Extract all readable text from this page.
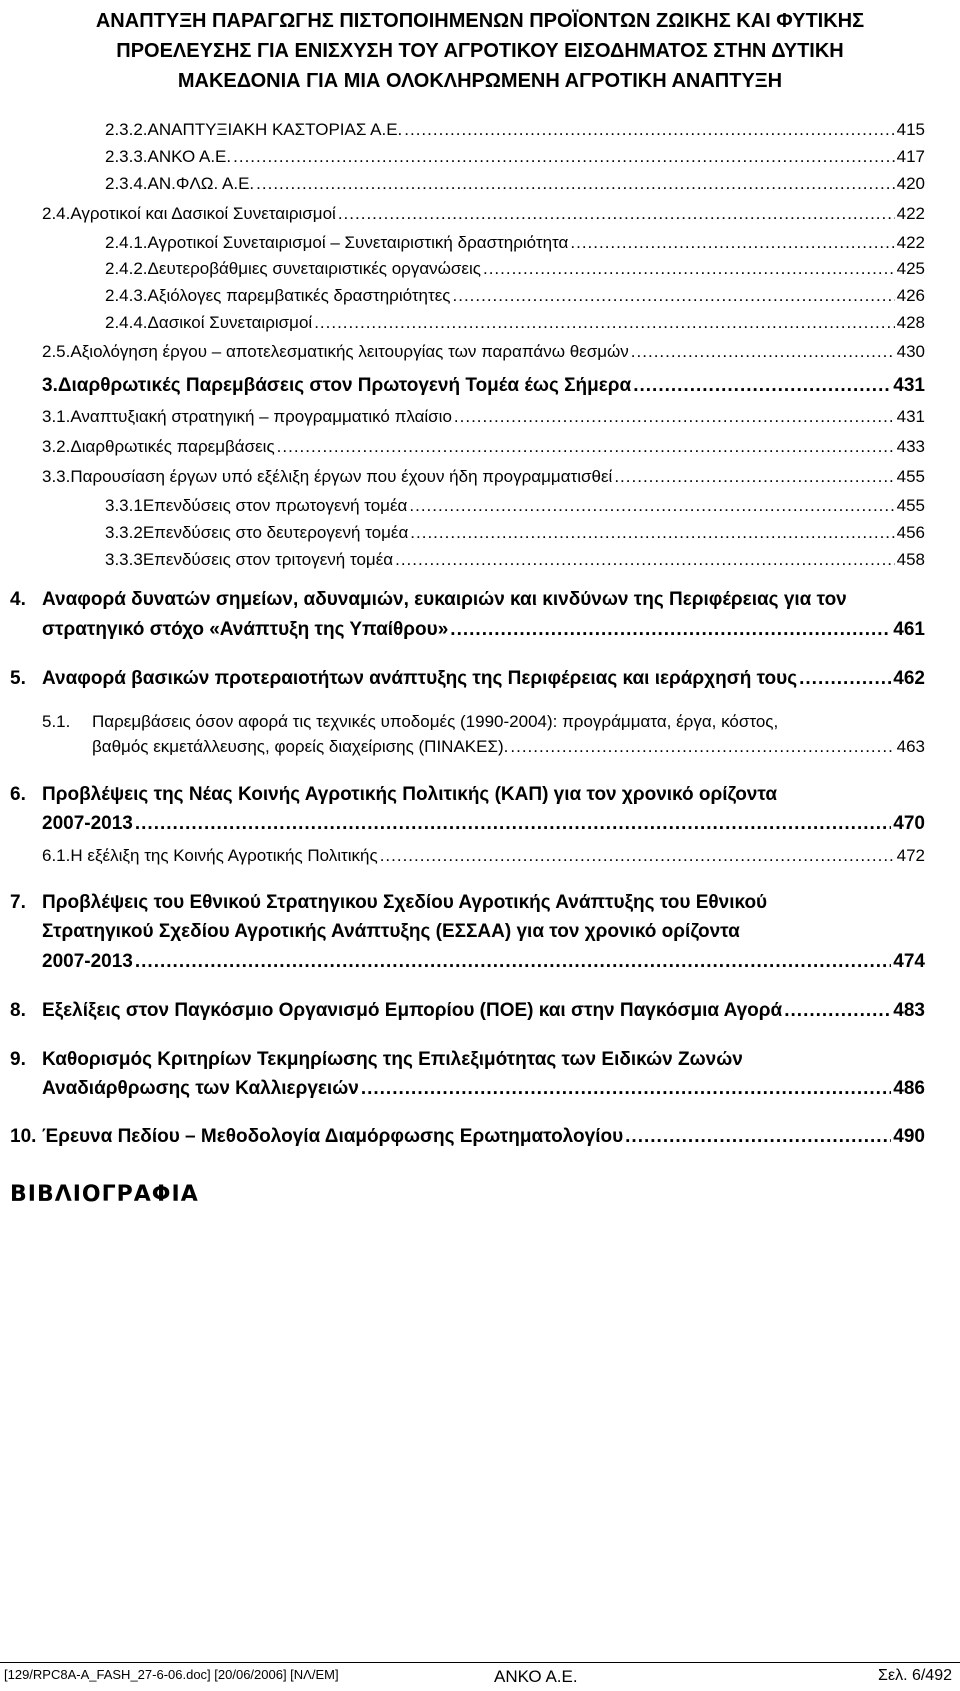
ΑΝΑΠΤΥΞΗ ΠΑΡΑΓΩΓΗΣ ΠΙΣΤΟΠΟΙΗΜΕΝΩΝ ΠΡΟΪΟΝΤΩΝ ΖΩΙΚΗΣ ΚΑΙ ΦΥΤΙΚΗΣ
ΠΡΟΕΛΕΥΣΗΣ ΓΙΑ ΕΝΙΣΧΥΣΗ ΤΟΥ ΑΓΡΟΤΙΚΟΥ ΕΙΣΟΔΗΜΑΤΟΣ ΣΤΗΝ ΔΥΤΙΚΗ
ΜΑΚΕΔΟΝΙΑ ΓΙΑ ΜΙΑ ΟΛΟΚΛΗΡΩΜΕΝΗ ΑΓΡΟΤΙΚΗ ΑΝΑΠΤΥΞΗ
2.3.2. ΑΝΑΠΤΥΞΙΑΚΗ ΚΑΣΤΟΡΙΑΣ Α.Ε. .....	415
2.3.3. ΑΝΚΟ Α.Ε. .....	417
2.3.4. ΑΝ.ΦΛΩ. Α.Ε. .....	420
2.4. Αγροτικοί και Δασικοί Συνεταιρισμοί .....	422
2.4.1. Αγροτικοί Συνεταιρισμοί – Συνεταιριστική δραστηριότητα .....	422
2.4.2. Δευτεροβάθμιες συνεταιριστικές οργανώσεις .....	425
2.4.3. Αξιόλογες παρεμβατικές δραστηριότητες .....	426
2.4.4. Δασικοί Συνεταιρισμοί .....	428
2.5. Αξιολόγηση έργου – αποτελεσματικής λειτουργίας των παραπάνω θεσμών .....	430
3. Διαρθρωτικές Παρεμβάσεις στον Πρωτογενή Τομέα έως Σήμερα .....	431
3.1. Αναπτυξιακή στρατηγική – προγραμματικό πλαίσιο .....	431
3.2. Διαρθρωτικές παρεμβάσεις .....	433
3.3. Παρουσίαση έργων υπό εξέλιξη έργων που έχουν ήδη προγραμματισθεί .....	455
3.3.1 Επενδύσεις στον πρωτογενή τομέα .....	455
3.3.2 Επενδύσεις στο δευτερογενή τομέα .....	456
3.3.3 Επενδύσεις στον τριτογενή τομέα .....	458
4. Αναφορά δυνατών σημείων, αδυναμιών, ευκαιριών και κινδύνων της Περιφέρειας για τον
στρατηγικό στόχο «Ανάπτυξη της Υπαίθρου» .....	461
5. Αναφορά βασικών προτεραιοτήτων ανάπτυξης της Περιφέρειας και ιεράρχησή τους .....	462
5.1. Παρεμβάσεις όσον αφορά τις τεχνικές υποδομές (1990-2004): προγράμματα, έργα, κόστος,
βαθμός εκμετάλλευσης, φορείς διαχείρισης (ΠΙΝΑΚΕΣ). .....	463
6. Προβλέψεις της Νέας Κοινής Αγροτικής Πολιτικής (ΚΑΠ) για τον χρονικό ορίζοντα
2007-2013 .....	470
6.1. Η εξέλιξη της Κοινής Αγροτικής Πολιτικής .....	472
7. Προβλέψεις του Εθνικού Στρατηγικου Σχεδίου Αγροτικής Ανάπτυξης του Εθνικού
Στρατηγικού Σχεδίου Αγροτικής Ανάπτυξης (ΕΣΣΑΑ) για τον χρονικό ορίζοντα
2007-2013 .....	474
8. Εξελίξεις στον Παγκόσμιο Οργανισμό Εμπορίου (ΠΟΕ) και στην Παγκόσμια Αγορά .....	483
9. Καθορισμός Κριτηρίων Τεκμηρίωσης της Επιλεξιμότητας των Ειδικών Ζωνών
Αναδιάρθρωσης των Καλλιεργειών .....	486
10. Έρευνα Πεδίου – Μεθοδολογία Διαμόρφωσης Ερωτηματολογίου .....	490
ΒΙΒΛΙΟΓΡΑΦΙΑ
[129/RPC8A-A_FASH_27-6-06.doc] [20/06/2006] [ΝΛ/ΕΜ]	ΑΝΚΟ Α.Ε.	Σελ. 6/492
